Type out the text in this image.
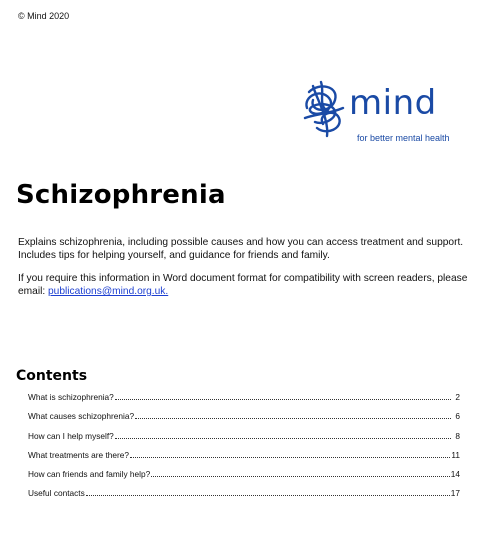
© Mind 2020
mind
for better mental health
Schizophrenia

Explains schizophrenia, including possible causes and how you can access treatment and support. Includes tips for helping yourself, and guidance for friends and family.

If you require this information in Word document format for compatibility with screen readers, please email: publications@mind.org.uk.

Contents
What is schizophrenia?	2
What causes schizophrenia?	6
How can I help myself?	8
What treatments are there?	11
How can friends and family help?	14
Useful contacts	17
